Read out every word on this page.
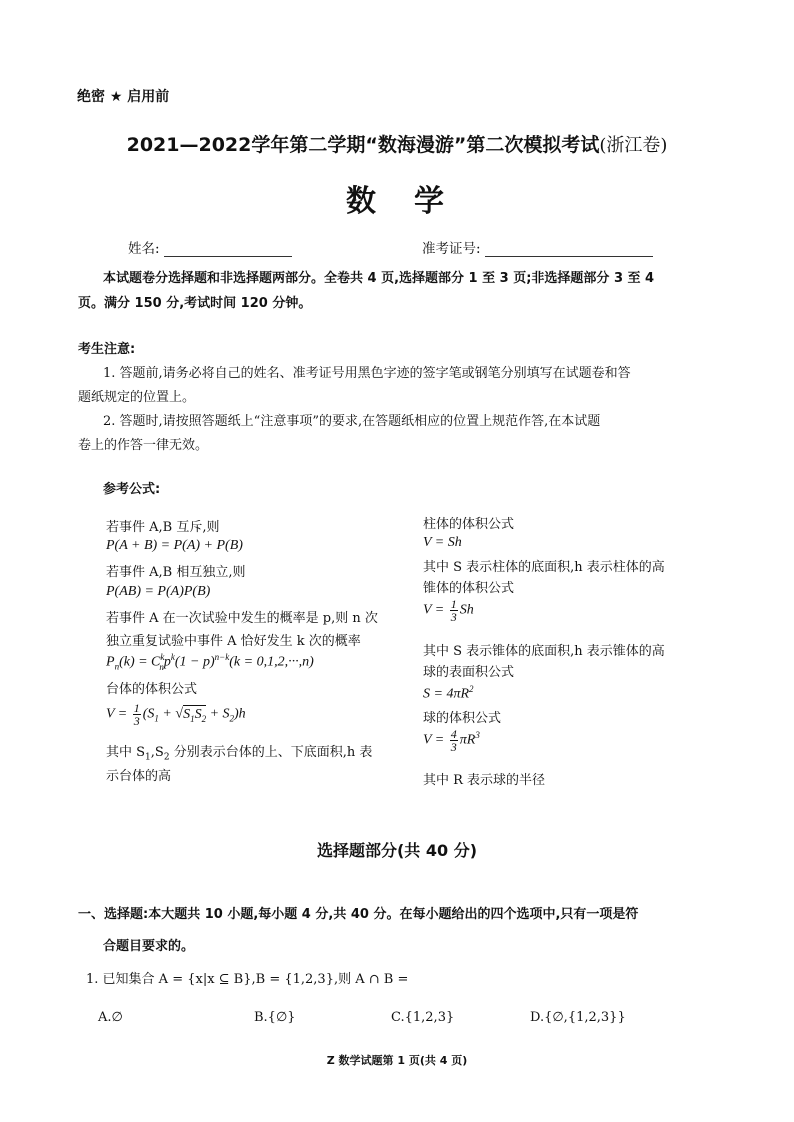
绝密 ★ 启用前
2021—2022学年第二学期“数海漫游”第二次模拟考试(浙江卷)
数　学
姓名:	准考证号:
本试题卷分选择题和非选择题两部分。全卷共 4 页,选择题部分 1 至 3 页;非选择题部分 3 至 4
页。满分 150 分,考试时间 120 分钟。
考生注意:
1. 答题前,请务必将自己的姓名、准考证号用黑色字迹的签字笔或钢笔分别填写在试题卷和答
题纸规定的位置上。
2. 答题时,请按照答题纸上“注意事项”的要求,在答题纸相应的位置上规范作答,在本试题
卷上的作答一律无效。
参考公式:
若事件 A,B 互斥,则
P(A + B) = P(A) + P(B)
若事件 A,B 相互独立,则
P(AB) = P(A)P(B)
若事件 A 在一次试验中发生的概率是 p,则 n 次
独立重复试验中事件 A 恰好发生 k 次的概率
$P_n(k) = C^k_np^k(1 - p)^{n-k}(k = 0,1,2,\cdot\cdot\cdot,n)$
台体的体积公式
$V = \frac{1}{3} (S_1 + √S_1S_2 + S_2)h$
其中 $S_1,S_2$ 分别表示台体的上、下底面积,h 表
示台体的高
柱体的体积公式
V = Sh
其中 S 表示柱体的底面积,h 表示柱体的高
锥体的体积公式
$V = \frac{1}{3}$ Sh
其中 S 表示锥体的底面积,h 表示锥体的高
球的表面积公式
$S = 4\pi R^2$
球的体积公式
$V = \frac{4}{3} \pi R^3$
其中 R 表示球的半径
选择题部分(共 40 分)
一、选择题:本大题共 10 小题,每小题 4 分,共 40 分。在每小题给出的四个选项中,只有一项是符
合题目要求的。
1. 已知集合 A = {x|x ⊆ B},B = {1,2,3},则 A ∩ B =
A.∅	B.{∅}	C.{1,2,3}	D.{∅,{1,2,3}}
Z 数学试题第 1 页(共 4 页)
